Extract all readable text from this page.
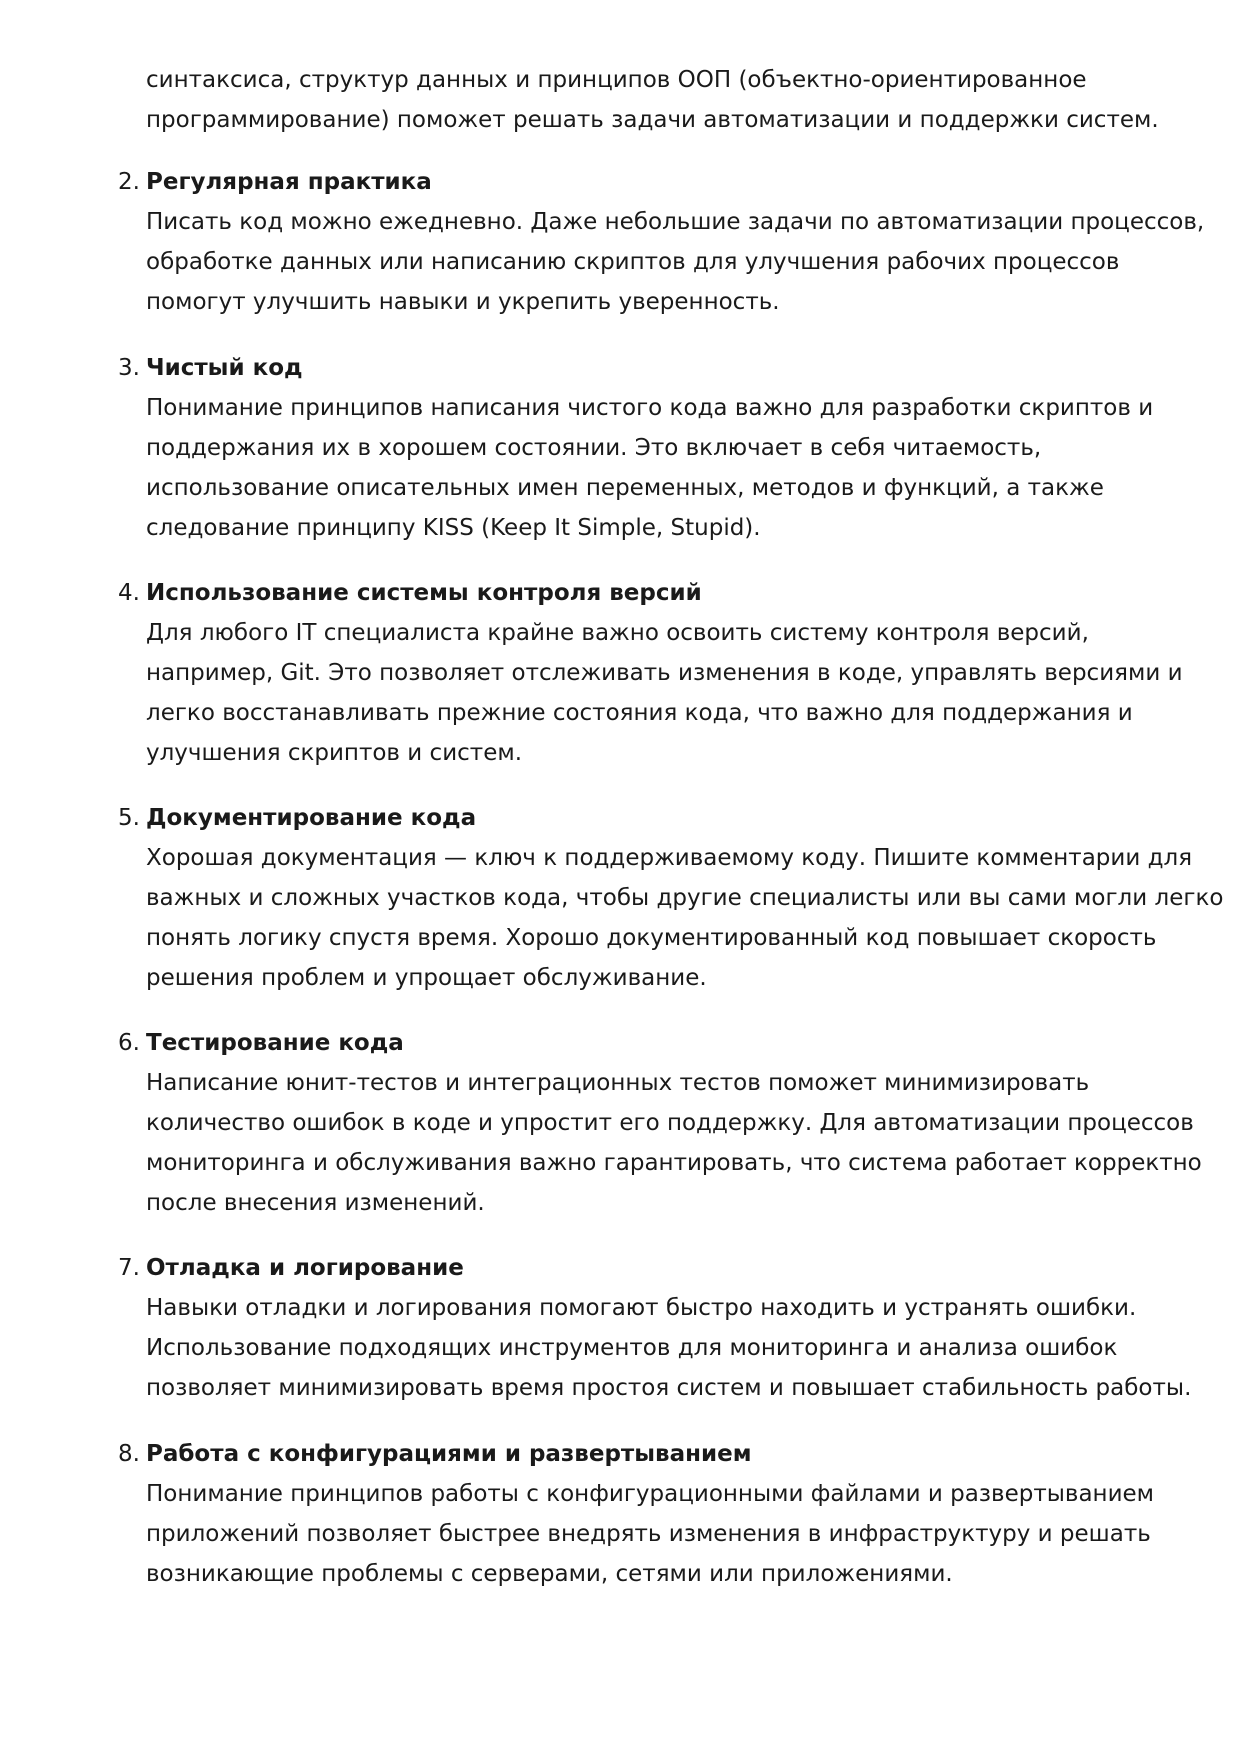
синтаксиса, структур данных и принципов ООП (объектно-ориентированное

программирование) поможет решать задачи автоматизации и поддержки систем.

2. Регулярная практика

Писать код можно ежедневно. Даже небольшие задачи по автоматизации процессов,

обработке данных или написанию скриптов для улучшения рабочих процессов

помогут улучшить навыки и укрепить уверенность.

3. Чистый код

Понимание принципов написания чистого кода важно для разработки скриптов и

поддержания их в хорошем состоянии. Это включает в себя читаемость,

использование описательных имен переменных, методов и функций, а также

следование принципу KISS (Keep It Simple, Stupid).

4. Использование системы контроля версий

Для любого IT специалиста крайне важно освоить систему контроля версий,

например, Git. Это позволяет отслеживать изменения в коде, управлять версиями и

легко восстанавливать прежние состояния кода, что важно для поддержания и

улучшения скриптов и систем.

5. Документирование кода

Хорошая документация — ключ к поддерживаемому коду. Пишите комментарии для

важных и сложных участков кода, чтобы другие специалисты или вы сами могли легко

понять логику спустя время. Хорошо документированный код повышает скорость

решения проблем и упрощает обслуживание.

6. Тестирование кода

Написание юнит-тестов и интеграционных тестов поможет минимизировать

количество ошибок в коде и упростит его поддержку. Для автоматизации процессов

мониторинга и обслуживания важно гарантировать, что система работает корректно

после внесения изменений.

7. Отладка и логирование

Навыки отладки и логирования помогают быстро находить и устранять ошибки.

Использование подходящих инструментов для мониторинга и анализа ошибок

позволяет минимизировать время простоя систем и повышает стабильность работы.

8. Работа с конфигурациями и развертыванием

Понимание принципов работы с конфигурационными файлами и развертыванием

приложений позволяет быстрее внедрять изменения в инфраструктуру и решать

возникающие проблемы с серверами, сетями или приложениями.
